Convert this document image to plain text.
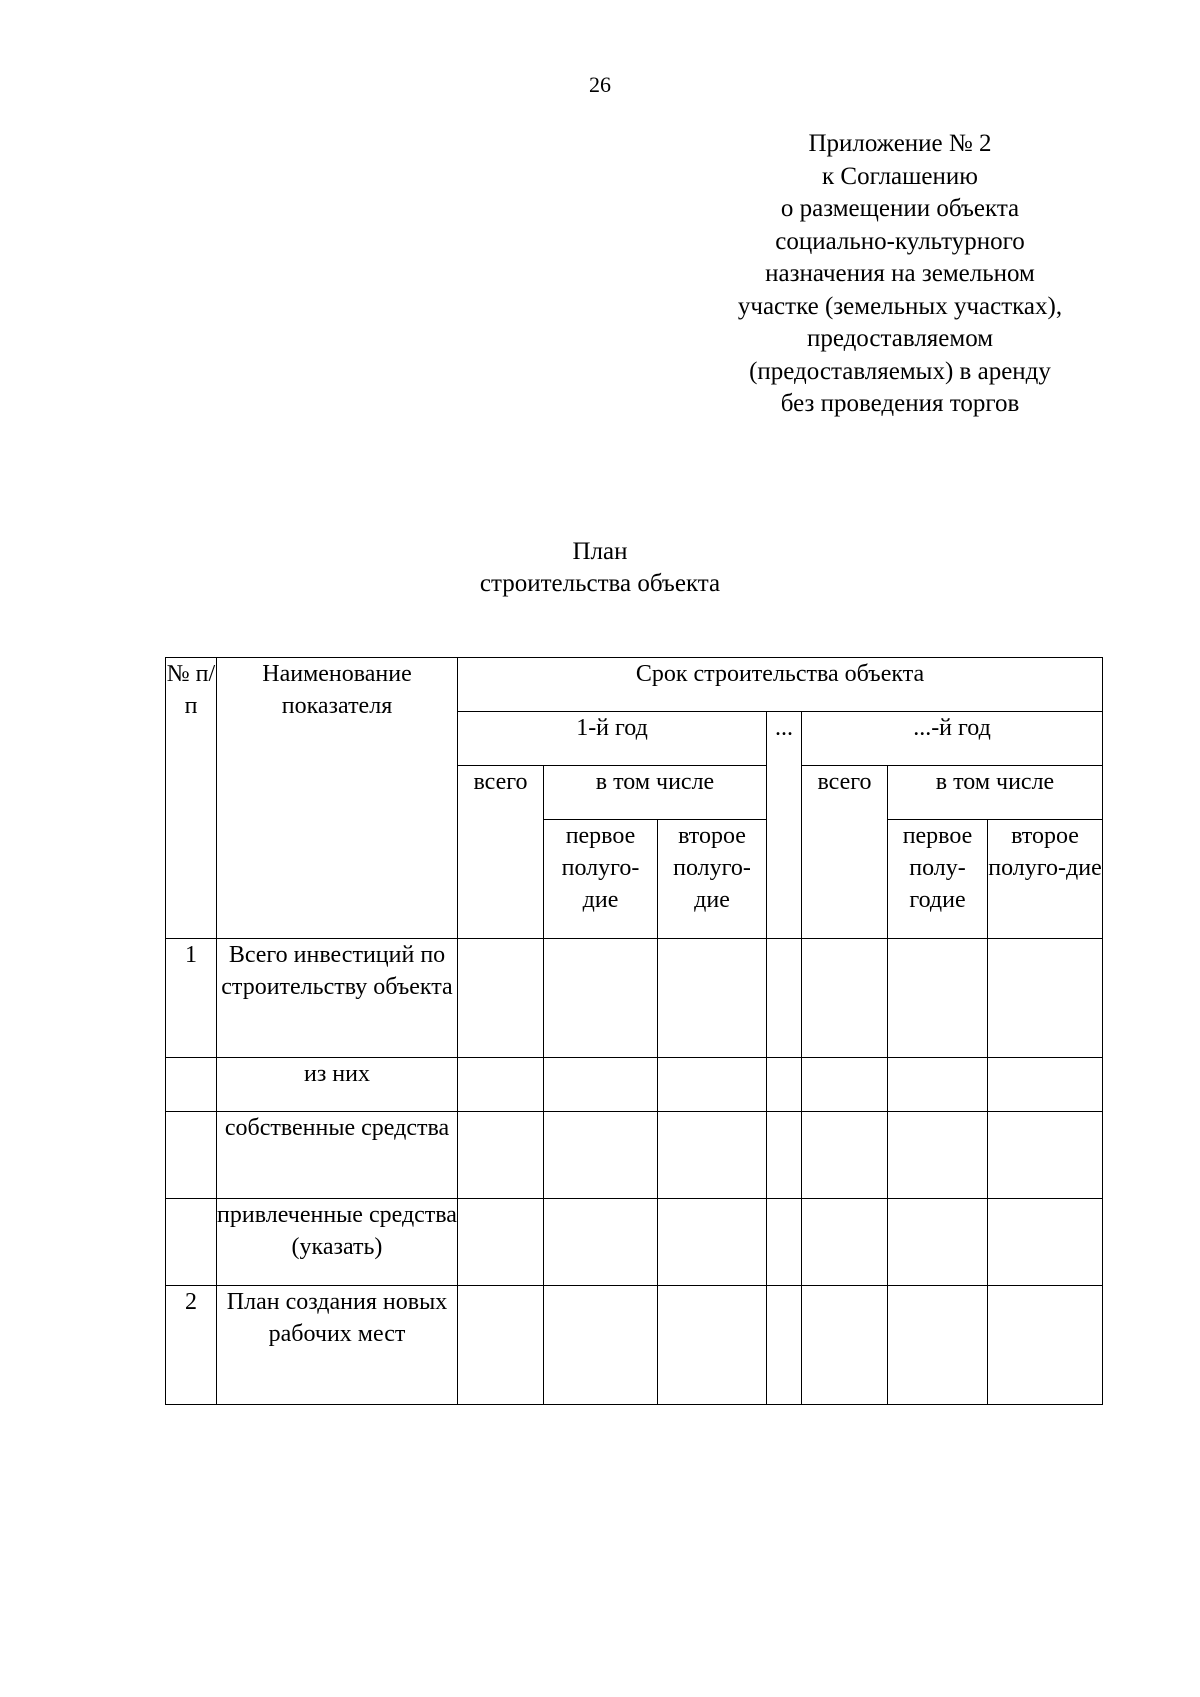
26
Приложение № 2
к Соглашению
о размещении объекта
социально-культурного
назначения на земельном
участке (земельных участках),
предоставляемом
(предоставляемых) в аренду
без проведения торгов
План
строительства объекта
№ п/п	Наименование показателя	Срок строительства объекта						
		1-й год			...	...-й год		
		всего	в том числе			всего	в том числе	
			первое полуго-дие	второе полуго-дие			первое полу-годие	второе полуго-дие
1	Всего инвестиций по строительству объекта							
	из них							
	собственные средства							
	привлеченные средства (указать)							
2	План создания новых рабочих мест							
